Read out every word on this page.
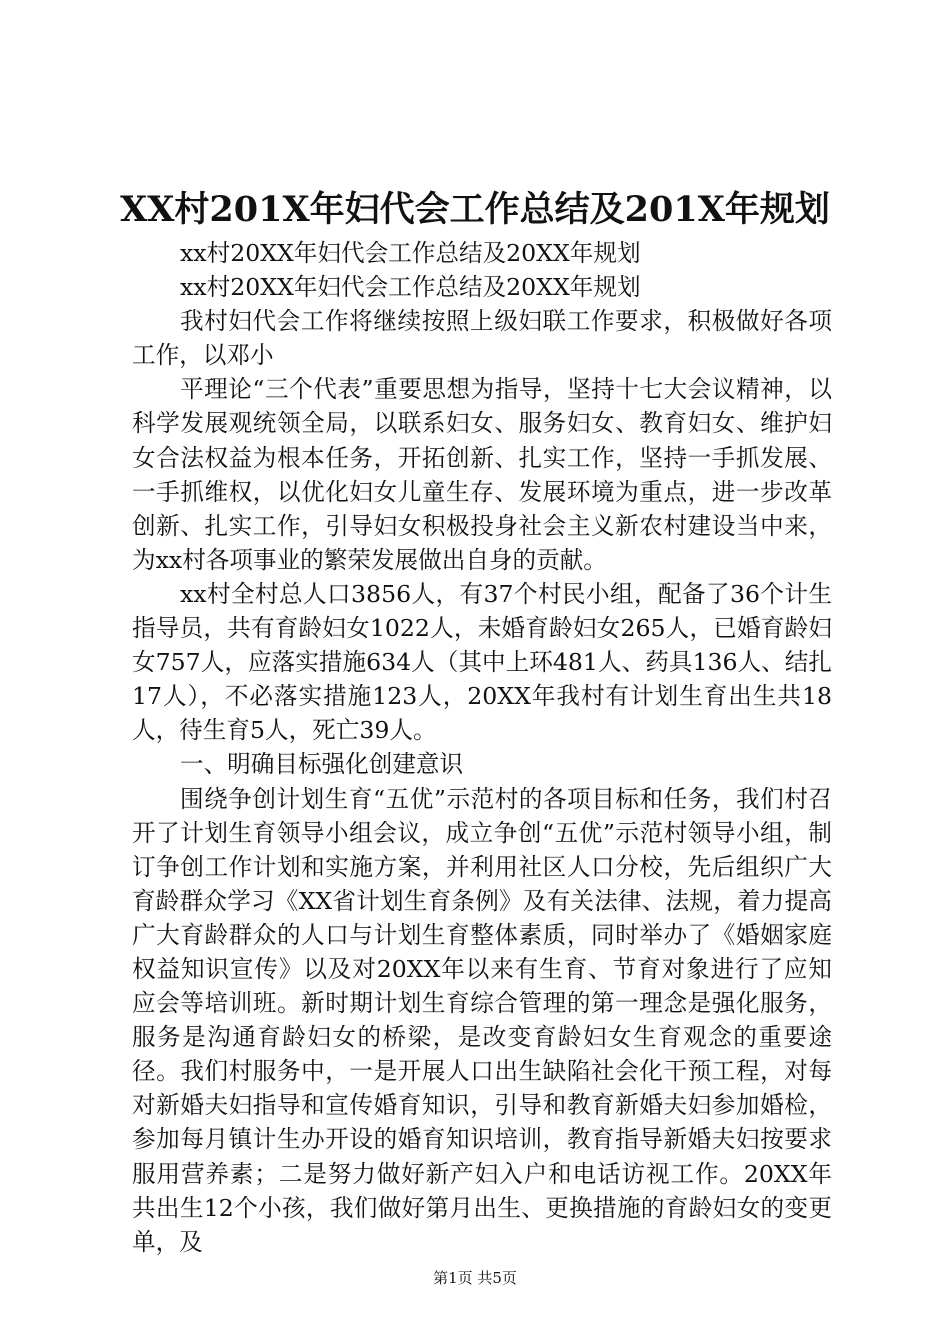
XX村201X年妇代会工作总结及201X年规划

xx村20XX年妇代会工作总结及20XX年规划

xx村20XX年妇代会工作总结及20XX年规划

我村妇代会工作将继续按照上级妇联工作要求，积极做好各项工作，以邓小

平理论“三个代表”重要思想为指导，坚持十七大会议精神，以科学发展观统领全局，以联系妇女、服务妇女、教育妇女、维护妇女合法权益为根本任务，开拓创新、扎实工作，坚持一手抓发展、一手抓维权，以优化妇女儿童生存、发展环境为重点，进一步改革创新、扎实工作，引导妇女积极投身社会主义新农村建设当中来，为xx村各项事业的繁荣发展做出自身的贡献。

xx村全村总人口3856人，有37个村民小组，配备了36个计生指导员，共有育龄妇女1022人，未婚育龄妇女265人，已婚育龄妇女757人，应落实措施634人（其中上环481人、药具136人、结扎17人），不必落实措施123人，20XX年我村有计划生育出生共18人，待生育5人，死亡39人。

一、明确目标强化创建意识

围绕争创计划生育“五优”示范村的各项目标和任务，我们村召开了计划生育领导小组会议，成立争创“五优”示范村领导小组，制订争创工作计划和实施方案，并利用社区人口分校，先后组织广大育龄群众学习《XX省计划生育条例》及有关法律、法规，着力提高广大育龄群众的人口与计划生育整体素质，同时举办了《婚姻家庭权益知识宣传》以及对20XX年以来有生育、节育对象进行了应知应会等培训班。新时期计划生育综合管理的第一理念是强化服务，服务是沟通育龄妇女的桥梁，是改变育龄妇女生育观念的重要途径。我们村服务中，一是开展人口出生缺陷社会化干预工程，对每对新婚夫妇指导和宣传婚育知识，引导和教育新婚夫妇参加婚检，参加每月镇计生办开设的婚育知识培训，教育指导新婚夫妇按要求服用营养素；二是努力做好新产妇入户和电话访视工作。20XX年共出生12个小孩，我们做好第月出生、更换措施的育龄妇女的变更单，及

第1页 共5页
